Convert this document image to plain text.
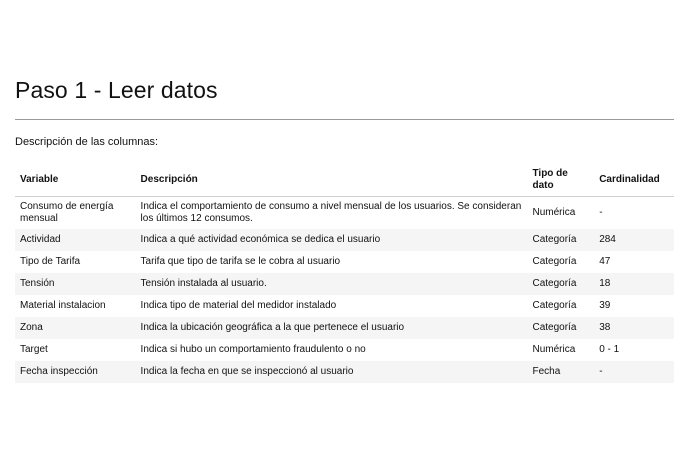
Paso 1 - Leer datos
Descripción de las columnas:
Variable	Descripción	Tipo de dato	Cardinalidad
Consumo de energía mensual	Indica el comportamiento de consumo a nivel mensual de los usuarios. Se consideran los últimos 12 consumos.	Numérica	-
Actividad	Indica a qué actividad económica se dedica el usuario	Categoría	284
Tipo de Tarifa	Tarifa que tipo de tarifa se le cobra al usuario	Categoría	47
Tensión	Tensión instalada al usuario.	Categoría	18
Material instalacion	Indica tipo de material del medidor instalado	Categoría	39
Zona	Indica la ubicación geográfica a la que pertenece el usuario	Categoría	38
Target	Indica si hubo un comportamiento fraudulento o no	Numérica	0 - 1
Fecha inspección	Indica la fecha en que se inspeccionó al usuario	Fecha	-
